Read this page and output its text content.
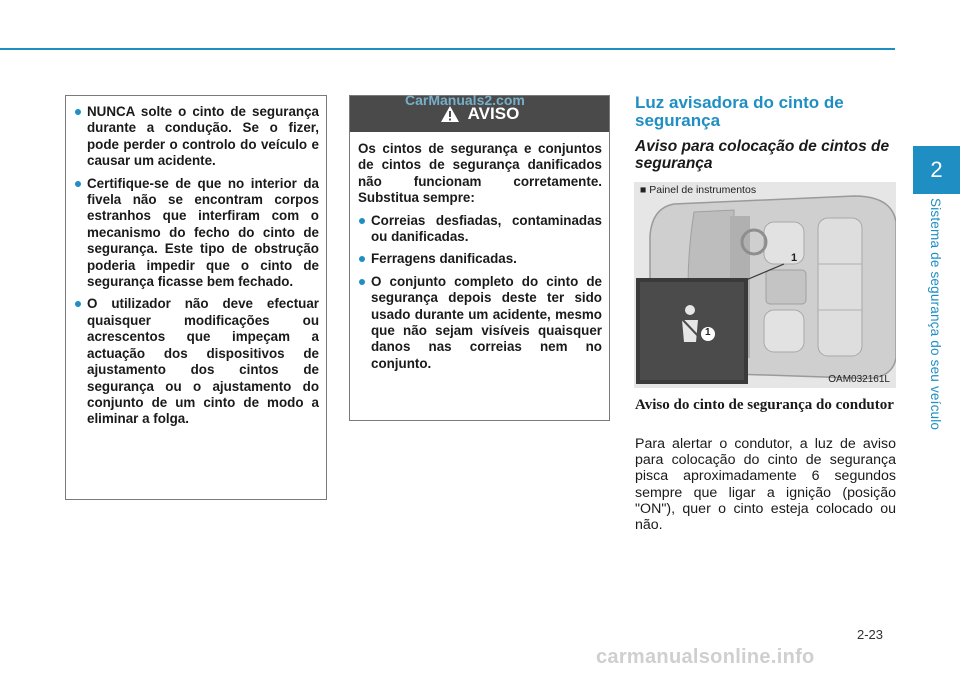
2
Sistema de segurança do seu veículo
NUNCA solte o cinto de segurança durante a condução. Se o fizer, pode perder o controlo do veículo e causar um acidente.
Certifique-se de que no interior da fivela não se encontram corpos estranhos que interfiram com o mecanismo do fecho do cinto de segurança. Este tipo de obstrução poderia impedir que o cinto de segurança ficasse bem fechado.
O utilizador não deve efectuar quaisquer modificações ou acrescentos que impeçam a actuação dos dispositivos de ajustamento dos cintos de segurança ou o ajustamento do conjunto de um cinto de modo a eliminar a folga.
AVISO
Os cintos de segurança e conjuntos de cintos de segurança danificados não funcionam corretamente. Substitua sempre:
Correias desfiadas, contaminadas ou danificadas.
Ferragens danificadas.
O conjunto completo do cinto de segurança depois deste ter sido usado durante um acidente, mesmo que não sejam visíveis quaisquer danos nas correias nem no conjunto.
CarManuals2.com	Luz avisadora do cinto de segurança
Aviso para colocação de cintos de segurança
■ Painel de instrumentos
1
1
OAM032161L
Aviso do cinto de segurança do condutor
Para alertar o condutor, a luz de aviso para colocação do cinto de segurança pisca aproximadamente 6 segundos sempre que ligar a ignição (posição "ON"), quer o cinto esteja colocado ou não.
2-23
carmanualsonline.info
